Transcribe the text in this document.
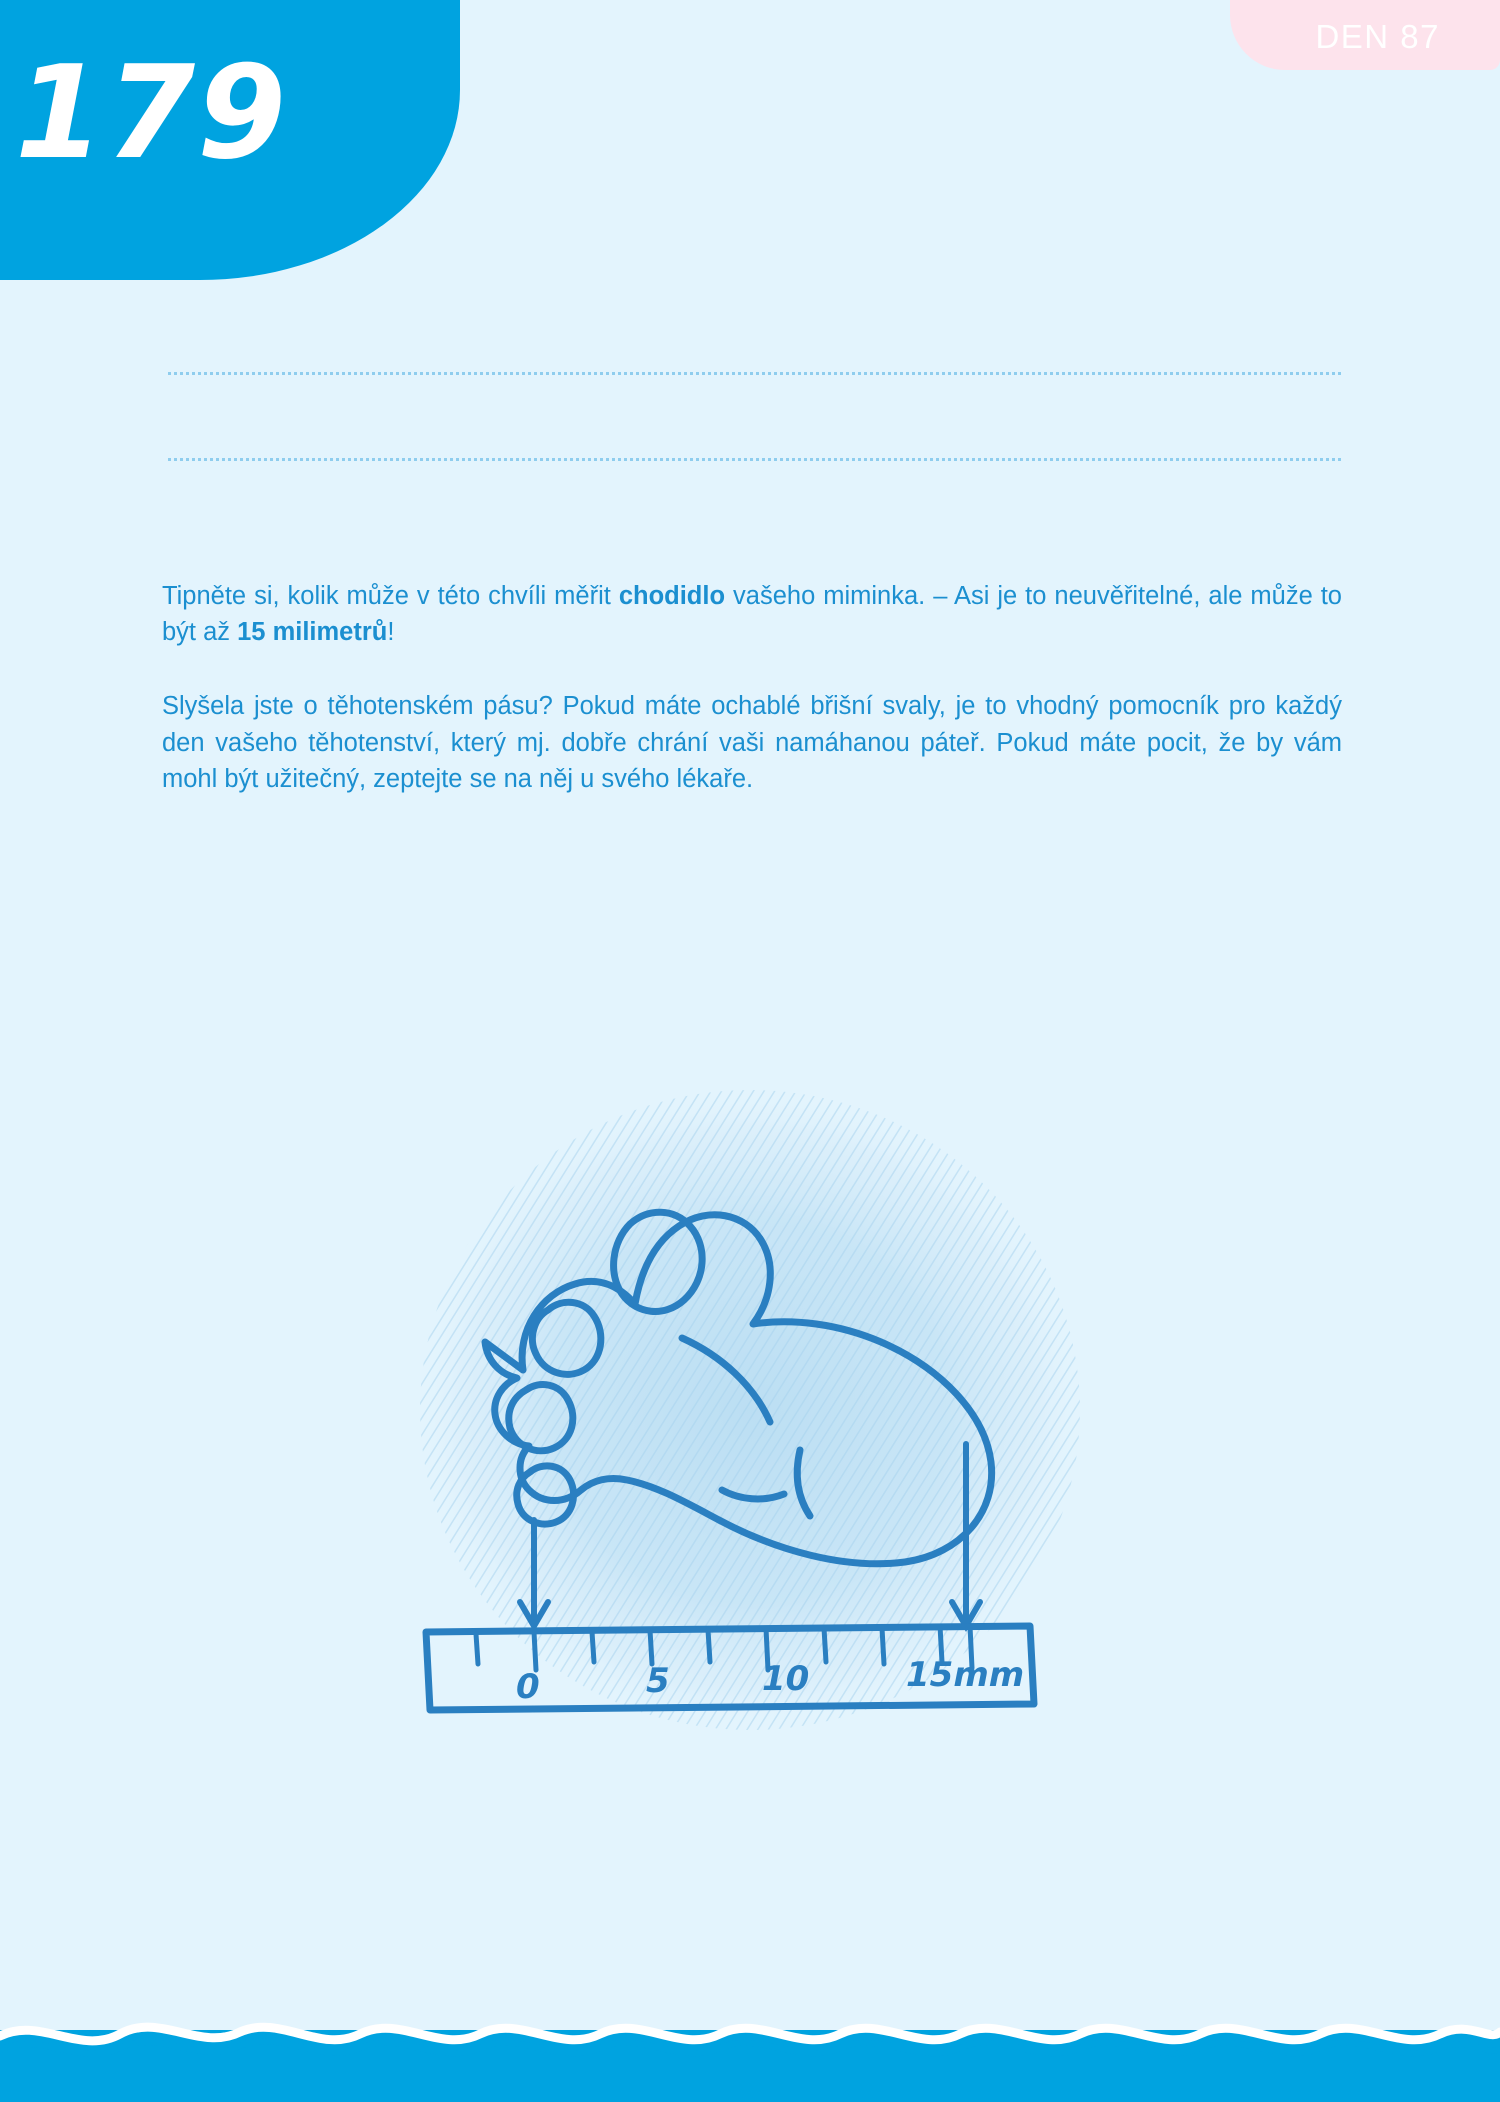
179
DEN 87

Tipněte si, kolik může v této chvíli měřit chodidlo vašeho miminka. – Asi je to neuvěřitelné, ale může to být až 15 milimetrů!

Slyšela jste o těhotenském pásu? Pokud máte ochablé břišní svaly, je to vhodný pomocník pro každý den vašeho těhotenství, který mj. dobře chrání vaši namáhanou páteř. Pokud máte pocit, že by vám mohl být užitečný, zeptejte se na něj u svého lékaře.

0	5	10	15mm
